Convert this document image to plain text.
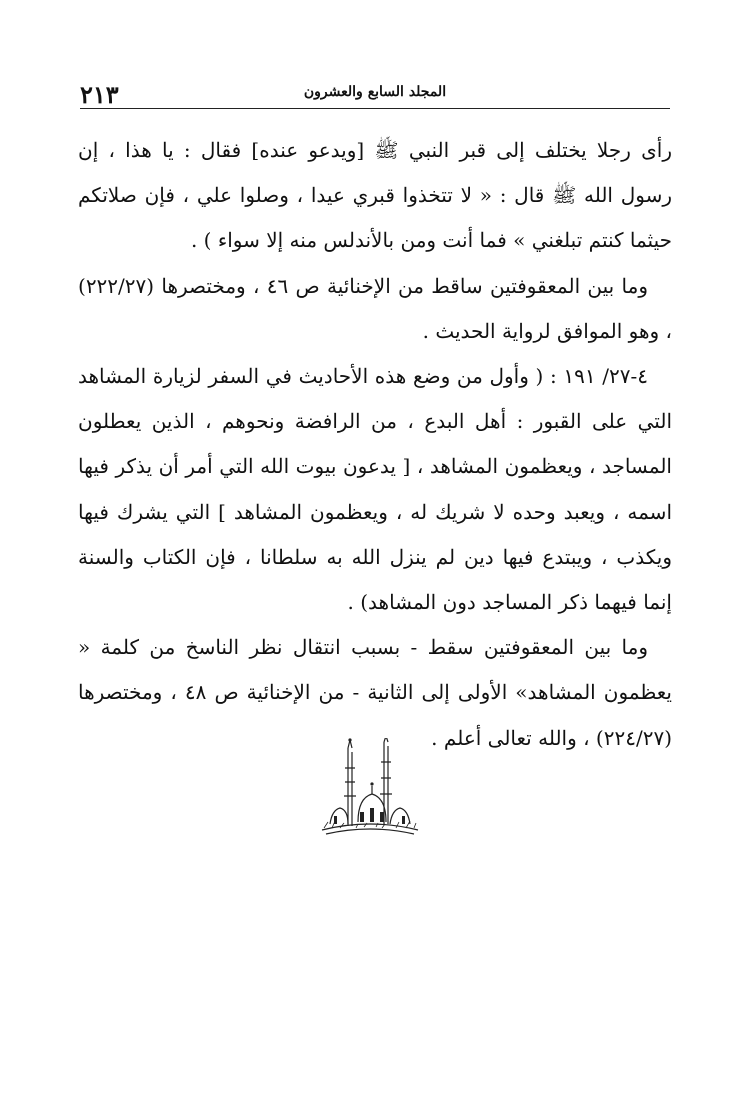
٢١٣	المجلد السابع والعشرون

رأى رجلا يختلف إلى قبر النبي ﷺ [ويدعو عنده] فقال : يا هذا ، إن رسول الله ﷺ قال : « لا تتخذوا قبري عيدا ، وصلوا علي ، فإن صلاتكم حيثما كنتم تبلغني » فما أنت ومن بالأندلس منه إلا سواء ) .

وما بين المعقوفتين ساقط من الإخنائية ص ٤٦ ، ومختصرها (٢٢٢/٢٧) ، وهو الموافق لرواية الحديث .

٤-٢٧/ ١٩١ : ( وأول من وضع هذه الأحاديث في السفر لزيارة المشاهد التي على القبور : أهل البدع ، من الرافضة ونحوهم ، الذين يعطلون المساجد ، ويعظمون المشاهد ، [ يدعون بيوت الله التي أمر أن يذكر فيها اسمه ، ويعبد وحده لا شريك له ، ويعظمون المشاهد ] التي يشرك فيها ويكذب ، ويبتدع فيها دين لم ينزل الله به سلطانا ، فإن الكتاب والسنة إنما فيهما ذكر المساجد دون المشاهد) .

وما بين المعقوفتين سقط - بسبب انتقال نظر الناسخ من كلمة « يعظمون المشاهد» الأولى إلى الثانية - من الإخنائية ص ٤٨ ، ومختصرها (٢٢٤/٢٧) ، والله تعالى أعلم .
